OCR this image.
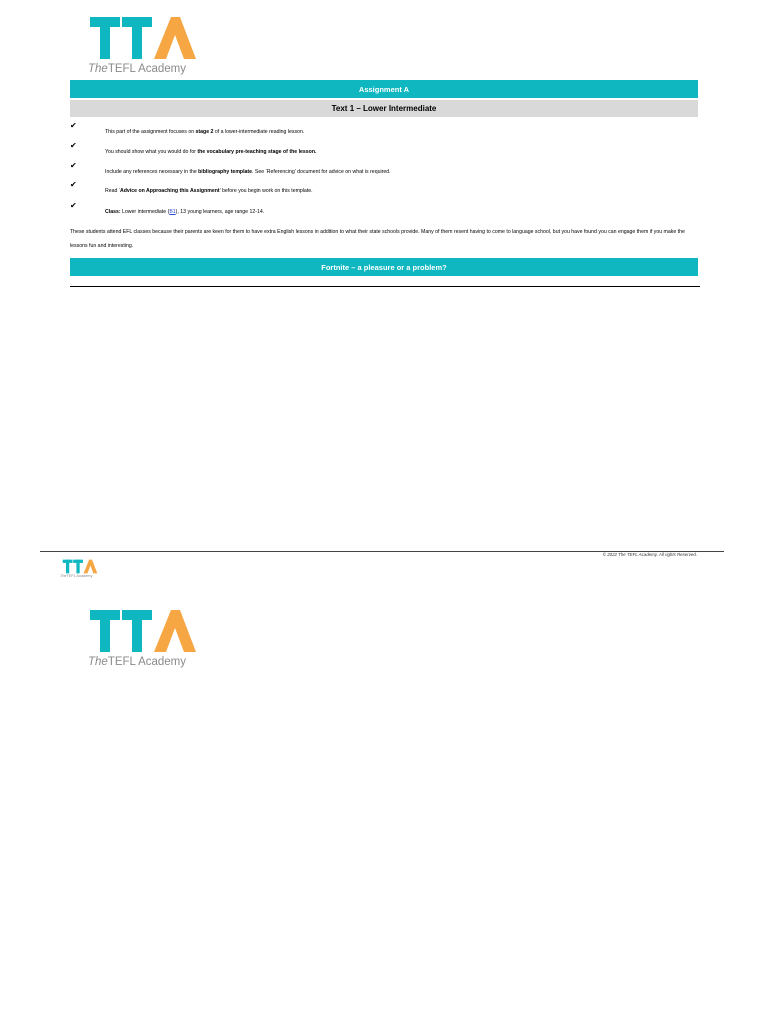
TheTEFL Academy
Assignment A
Text 1 – Lower Intermediate
✔
This part of the assignment focuses on stage 2 of a lower-intermediate reading lesson.
✔
You should show what you would do for the vocabulary pre-teaching stage of the lesson.
✔
Include any references necessary in the bibliography template. See ‘Referencing’ document for advice on what is required.
✔
Read ‘Advice on Approaching this Assignment’ before you begin work on this template.
✔
Class: Lower intermediate (B1), 13 young learners, age range 12-14.
These students attend EFL classes because their parents are keen for them to have extra English lessons in addition to what their state schools provide. Many of them resent having to come to language school, but you have found you can engage them if you make the lessons fun and interesting.
Fortnite – a pleasure or a problem?
© 2022 The TEFL Academy. All rights Reserved.
TheTEFL Academy
TheTEFL Academy
